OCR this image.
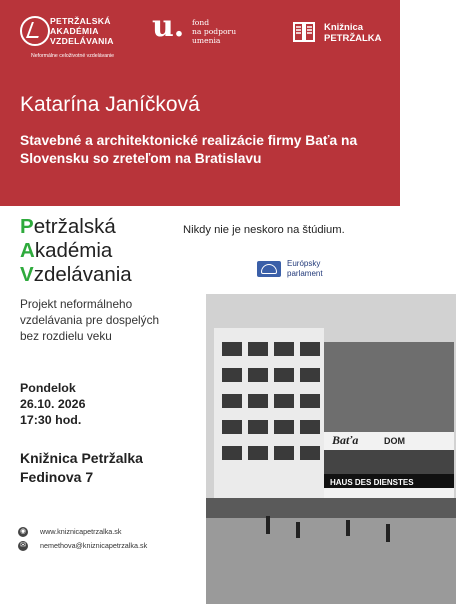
PETRŽALSKÁ
AKADÉMIA
VZDELÁVANIA
Neformálne celoživotné vzdelávanie
u. fond
na podporu
umenia
Knižnica
PETRŽALKA
Katarína Janíčková
Stavebné a architektonické realizácie firmy Baťa na Slovensku so zreteľom na Bratislavu
Petržalská
Akadémia
Vzdelávania
Nikdy nie je neskoro na štúdium.
Európsky
parlament
Projekt neformálneho
vzdelávania pre dospelých
bez rozdielu veku
Baťa	DOM
HAUS DES DIENSTES
Pondelok
26.10. 2026
17:30 hod.
Knižnica Petržalka
Fedinova 7
◉ www.kniznicapetrzalka.sk
✉ nemethova@kniznicapetrzalka.sk
